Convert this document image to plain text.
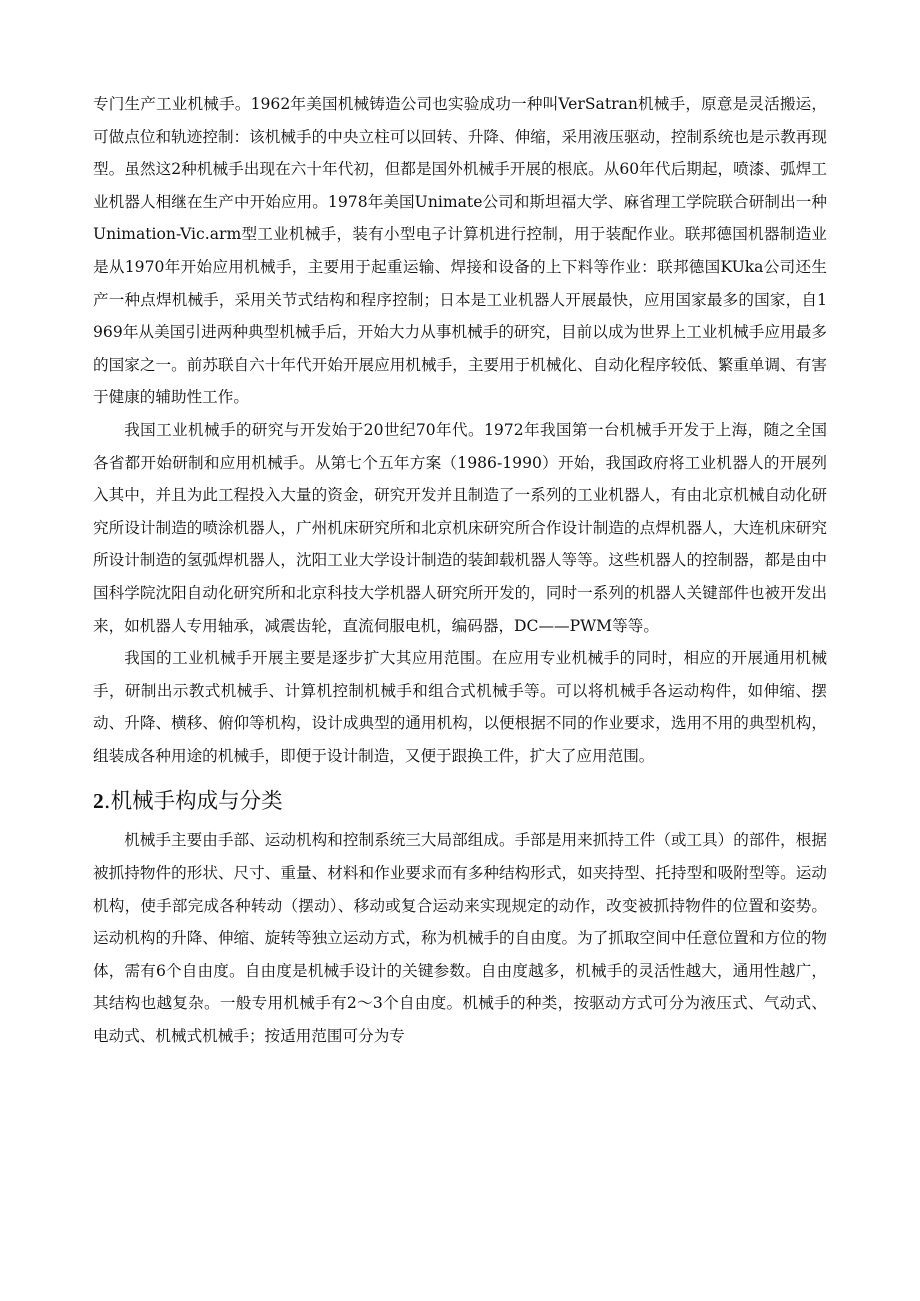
专门生产工业机械手。1962年美国机械铸造公司也实验成功一种叫VerSatran机械手，原意是灵活搬运，可做点位和轨迹控制：该机械手的中央立柱可以回转、升降、伸缩，采用液压驱动，控制系统也是示教再现型。虽然这2种机械手出现在六十年代初，但都是国外机械手开展的根底。从60年代后期起，喷漆、弧焊工业机器人相继在生产中开始应用。1978年美国Unimate公司和斯坦福大学、麻省理工学院联合研制出一种Unimation-Vic.arm型工业机械手，装有小型电子计算机进行控制，用于装配作业。联邦德国机器制造业是从1970年开始应用机械手，主要用于起重运输、焊接和设备的上下料等作业：联邦德国KUka公司还生产一种点焊机械手，采用关节式结构和程序控制；日本是工业机器人开展最快，应用国家最多的国家，自1969年从美国引进两种典型机械手后，开始大力从事机械手的研究，目前以成为世界上工业机械手应用最多的国家之一。前苏联自六十年代开始开展应用机械手，主要用于机械化、自动化程序较低、繁重单调、有害于健康的辅助性工作。

我国工业机械手的研究与开发始于20世纪70年代。1972年我国第一台机械手开发于上海，随之全国各省都开始研制和应用机械手。从第七个五年方案（1986-1990）开始，我国政府将工业机器人的开展列入其中，并且为此工程投入大量的资金，研究开发并且制造了一系列的工业机器人，有由北京机械自动化研究所设计制造的喷涂机器人，广州机床研究所和北京机床研究所合作设计制造的点焊机器人，大连机床研究所设计制造的氢弧焊机器人，沈阳工业大学设计制造的装卸载机器人等等。这些机器人的控制器，都是由中国科学院沈阳自动化研究所和北京科技大学机器人研究所开发的，同时一系列的机器人关键部件也被开发出来，如机器人专用轴承，减震齿轮，直流伺服电机，编码器，DC——PWM等等。

我国的工业机械手开展主要是逐步扩大其应用范围。在应用专业机械手的同时，相应的开展通用机械手，研制出示教式机械手、计算机控制机械手和组合式机械手等。可以将机械手各运动构件，如伸缩、摆动、升降、横移、俯仰等机构，设计成典型的通用机构，以便根据不同的作业要求，选用不用的典型机构，组装成各种用途的机械手，即便于设计制造，又便于跟换工件，扩大了应用范围。

2.机械手构成与分类

机械手主要由手部、运动机构和控制系统三大局部组成。手部是用来抓持工件（或工具）的部件，根据被抓持物件的形状、尺寸、重量、材料和作业要求而有多种结构形式，如夹持型、托持型和吸附型等。运动机构，使手部完成各种转动（摆动）、移动或复合运动来实现规定的动作，改变被抓持物件的位置和姿势。运动机构的升降、伸缩、旋转等独立运动方式，称为机械手的自由度。为了抓取空间中任意位置和方位的物体，需有6个自由度。自由度是机械手设计的关键参数。自由度越多，机械手的灵活性越大，通用性越广，其结构也越复杂。一般专用机械手有2～3个自由度。机械手的种类，按驱动方式可分为液压式、气动式、电动式、机械式机械手；按适用范围可分为专
